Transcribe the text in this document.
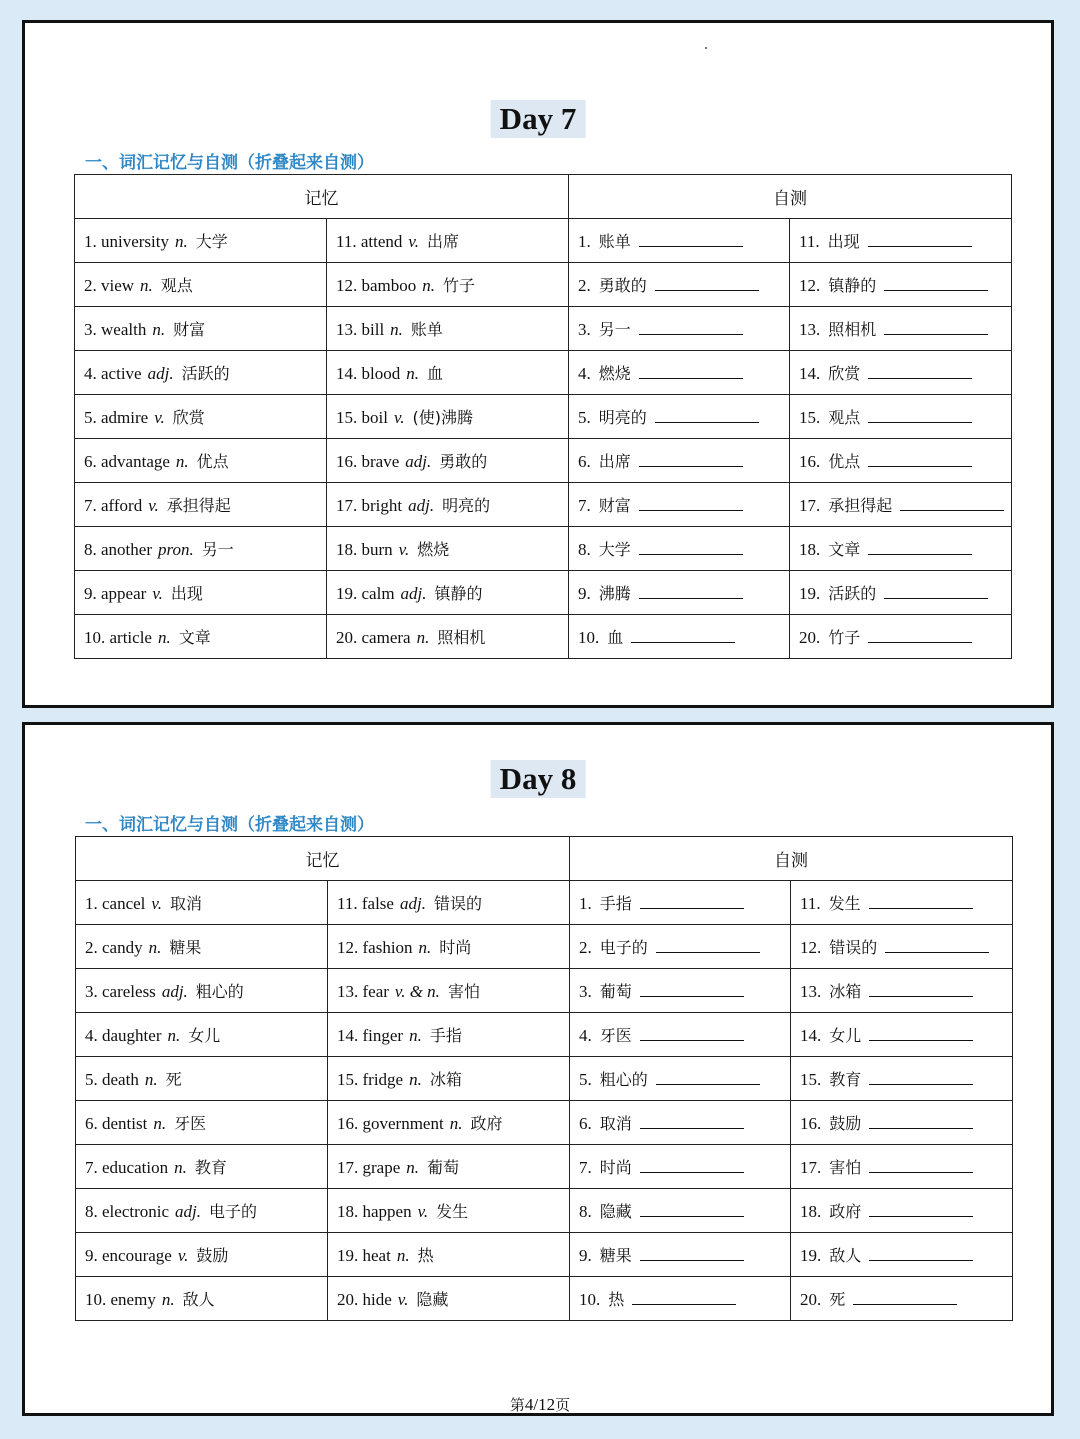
Day 7
一、词汇记忆与自测（折叠起来自测）
记忆		自测	
1. university n. 大学	11. attend v. 出席	1. 账单	11. 出现
2. view n. 观点	12. bamboo n. 竹子	2. 勇敢的	12. 镇静的
3. wealth n. 财富	13. bill n. 账单	3. 另一	13. 照相机
4. active adj. 活跃的	14. blood n. 血	4. 燃烧	14. 欣赏
5. admire v. 欣赏	15. boil v. (使)沸腾	5. 明亮的	15. 观点
6. advantage n. 优点	16. brave adj. 勇敢的	6. 出席	16. 优点
7. afford v. 承担得起	17. bright adj. 明亮的	7. 财富	17. 承担得起
8. another pron. 另一	18. burn v. 燃烧	8. 大学	18. 文章
9. appear v. 出现	19. calm adj. 镇静的	9. 沸腾	19. 活跃的
10. article n. 文章	20. camera n. 照相机	10. 血	20. 竹子
Day 8
一、词汇记忆与自测（折叠起来自测）
记忆		自测	
1. cancel v. 取消	11. false adj. 错误的	1. 手指	11. 发生
2. candy n. 糖果	12. fashion n. 时尚	2. 电子的	12. 错误的
3. careless adj. 粗心的	13. fear v. & n. 害怕	3. 葡萄	13. 冰箱
4. daughter n. 女儿	14. finger n. 手指	4. 牙医	14. 女儿
5. death n. 死	15. fridge n. 冰箱	5. 粗心的	15. 教育
6. dentist n. 牙医	16. government n. 政府	6. 取消	16. 鼓励
7. education n. 教育	17. grape n. 葡萄	7. 时尚	17. 害怕
8. electronic adj. 电子的	18. happen v. 发生	8. 隐藏	18. 政府
9. encourage v. 鼓励	19. heat n. 热	9. 糖果	19. 敌人
10. enemy n. 敌人	20. hide v. 隐藏	10. 热	20. 死
第4/12页
